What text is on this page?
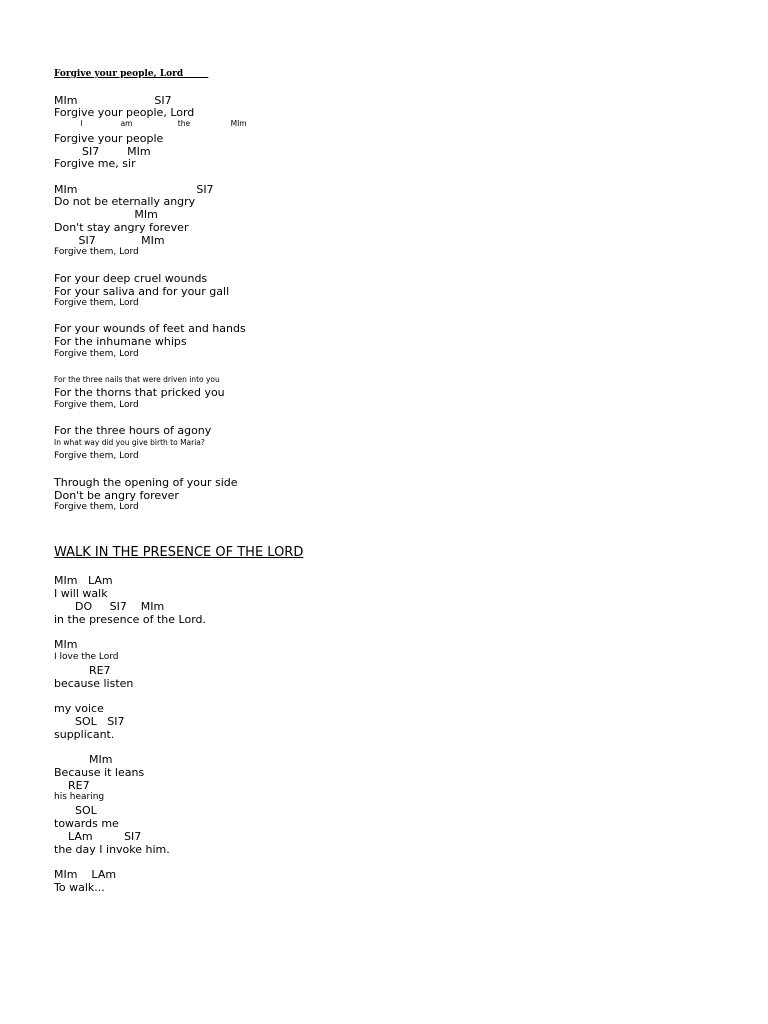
Forgive your people, Lord
MIm                      SI7
Forgive your people, Lord
I                am                   the                 MIm
Forgive your people
SI7        MIm
Forgive me, sir
MIm                                  SI7
Do not be eternally angry
MIm
Don't stay angry forever
SI7             MIm
Forgive them, Lord
For your deep cruel wounds
For your saliva and for your gall
Forgive them, Lord
For your wounds of feet and hands
For the inhumane whips
Forgive them, Lord
For the three nails that were driven into you
For the thorns that pricked you
Forgive them, Lord
For the three hours of agony
In what way did you give birth to Maria?
Forgive them, Lord
Through the opening of your side
Don't be angry forever
Forgive them, Lord
WALK IN THE PRESENCE OF THE LORD
MIm   LAm
I will walk
DO     SI7    MIm
in the presence of the Lord.
MIm
I love the Lord
RE7
because listen
my voice
SOL   SI7
supplicant.
MIm
Because it leans
RE7
his hearing
SOL
towards me
LAm         SI7
the day I invoke him.
MIm    LAm
To walk...
